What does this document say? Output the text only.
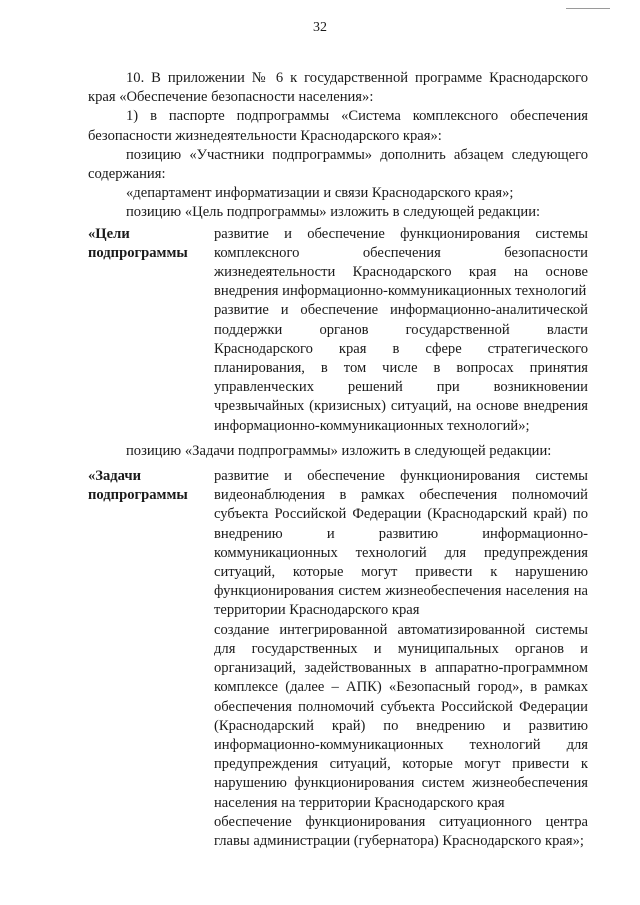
32

10. В приложении № 6 к государственной программе Краснодарского края «Обеспечение безопасности населения»:

1) в паспорте подпрограммы «Система комплексного обеспечения безопасности жизнедеятельности Краснодарского края»:

позицию «Участники подпрограммы» дополнить абзацем следующего содержания:

«департамент информатизации и связи Краснодарского края»;

позицию «Цель подпрограммы» изложить в следующей редакции:

«Цели подпрограммы

развитие и обеспечение функционирования системы комплексного обеспечения безопасности жизнедеятельности Краснодарского края на основе внедрения информационно-коммуникационных технологий

развитие и обеспечение информационно-аналитической поддержки органов государственной власти Краснодарского края в сфере стратегического планирования, в том числе в вопросах принятия управленческих решений при возникновении чрезвычайных (кризисных) ситуаций, на основе внедрения информационно-коммуникационных технологий»;

позицию «Задачи подпрограммы» изложить в следующей редакции:

«Задачи подпрограммы

развитие и обеспечение функционирования системы видеонаблюдения в рамках обеспечения полномочий субъекта Российской Федерации (Краснодарский край) по внедрению и развитию информационно-коммуникационных технологий для предупреждения ситуаций, которые могут привести к нарушению функционирования систем жизнеобеспечения населения на территории Краснодарского края

создание интегрированной автоматизированной системы для государственных и муниципальных органов и организаций, задействованных в аппаратно-программном комплексе (далее – АПК) «Безопасный город», в рамках обеспечения полномочий субъекта Российской Федерации (Краснодарский край) по внедрению и развитию информационно-коммуникационных технологий для предупреждения ситуаций, которые могут привести к нарушению функционирования систем жизнеобеспечения населения на территории Краснодарского края

обеспечение функционирования ситуационного центра главы администрации (губернатора) Краснодарского края»;
